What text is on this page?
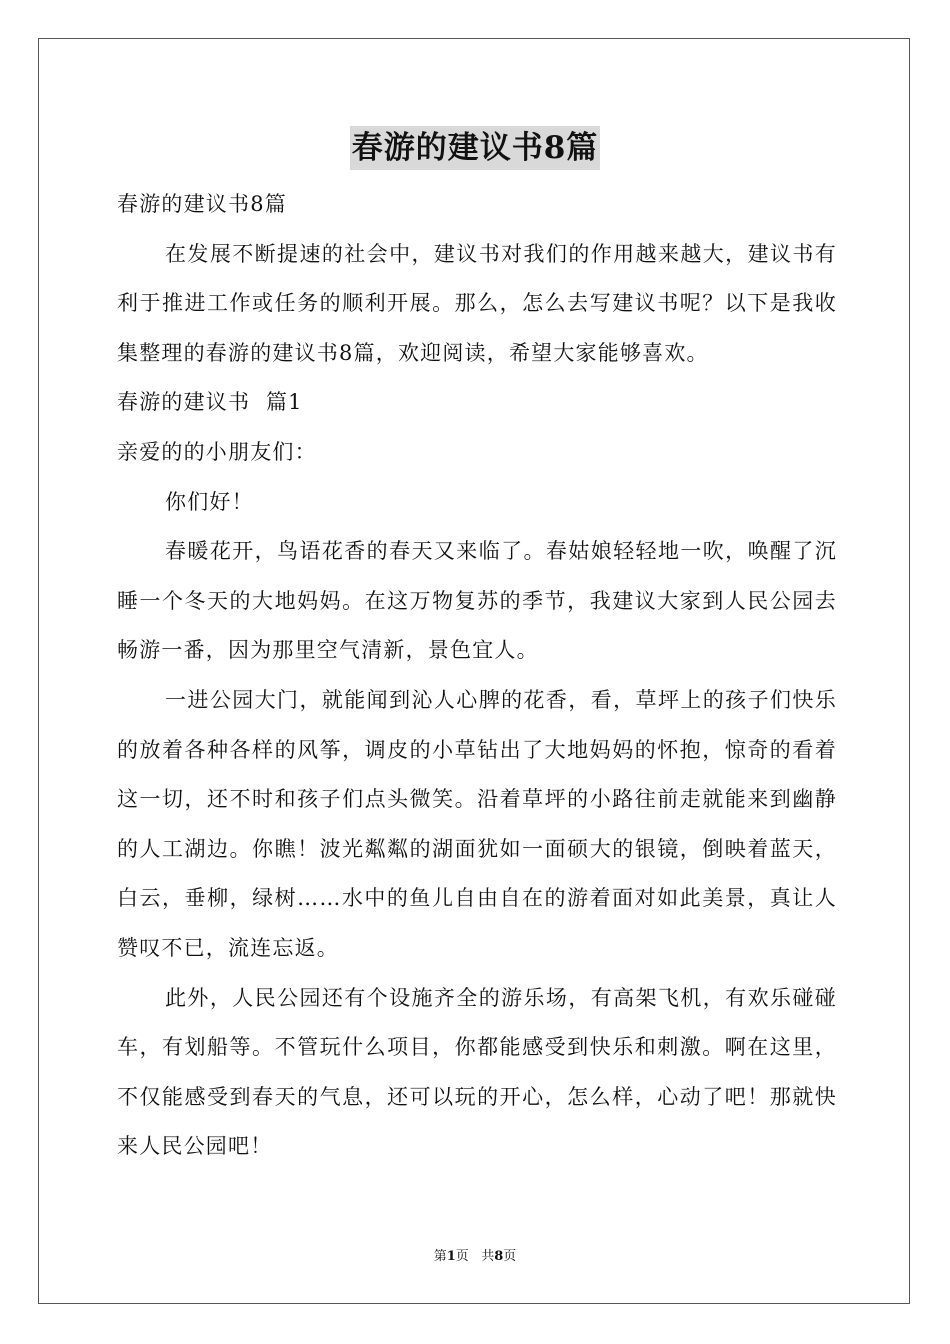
春游的建议书8篇

春游的建议书8篇

在发展不断提速的社会中，建议书对我们的作用越来越大，建议书有利于推进工作或任务的顺利开展。那么，怎么去写建议书呢？以下是我收集整理的春游的建议书8篇，欢迎阅读，希望大家能够喜欢。

春游的建议书  篇1

亲爱的的小朋友们：

你们好！

春暖花开，鸟语花香的春天又来临了。春姑娘轻轻地一吹，唤醒了沉睡一个冬天的大地妈妈。在这万物复苏的季节，我建议大家到人民公园去畅游一番，因为那里空气清新，景色宜人。

一进公园大门，就能闻到沁人心脾的花香，看，草坪上的孩子们快乐的放着各种各样的风筝，调皮的小草钻出了大地妈妈的怀抱，惊奇的看着这一切，还不时和孩子们点头微笑。沿着草坪的小路往前走就能来到幽静的人工湖边。你瞧！波光粼粼的湖面犹如一面硕大的银镜，倒映着蓝天，白云，垂柳，绿树……水中的鱼儿自由自在的游着面对如此美景，真让人赞叹不已，流连忘返。

此外，人民公园还有个设施齐全的游乐场，有高架飞机，有欢乐碰碰车，有划船等。不管玩什么项目，你都能感受到快乐和刺激。啊在这里，不仅能感受到春天的气息，还可以玩的开心，怎么样，心动了吧！那就快来人民公园吧！

第1页 共8页
